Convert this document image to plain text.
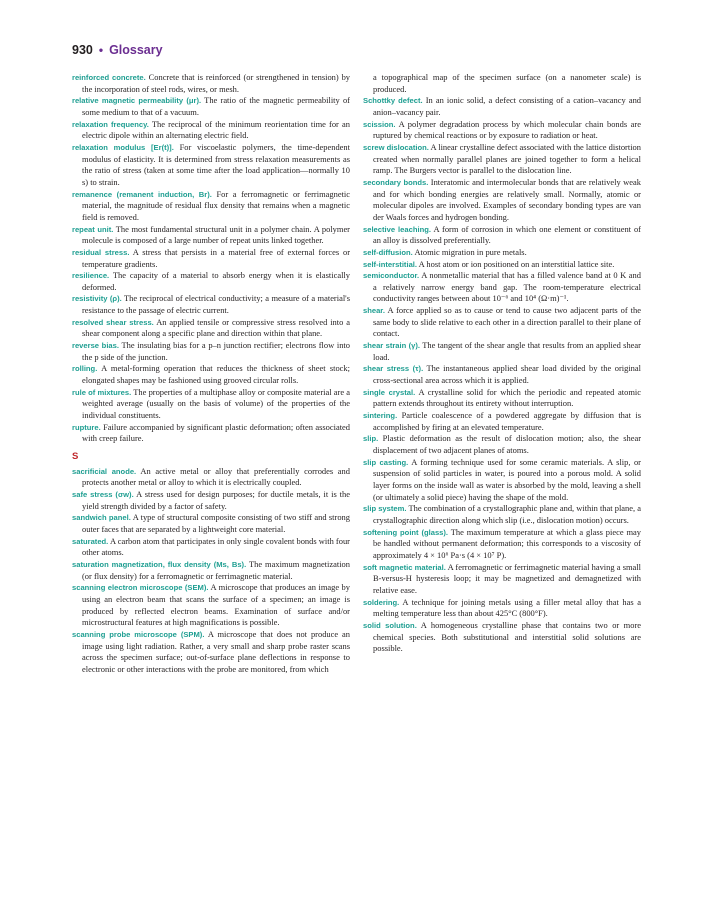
930 • Glossary

reinforced concrete. Concrete that is reinforced (or strengthened in tension) by the incorporation of steel rods, wires, or mesh.

relative magnetic permeability (μr). The ratio of the magnetic permeability of some medium to that of a vacuum.

relaxation frequency. The reciprocal of the minimum reorientation time for an electric dipole within an alternating electric field.

relaxation modulus [Er(t)]. For viscoelastic polymers, the time-dependent modulus of elasticity. It is determined from stress relaxation measurements as the ratio of stress (taken at some time after the load application—normally 10 s) to strain.

remanence (remanent induction, Br). For a ferromagnetic or ferrimagnetic material, the magnitude of residual flux density that remains when a magnetic field is removed.

repeat unit. The most fundamental structural unit in a polymer chain. A polymer molecule is composed of a large number of repeat units linked together.

residual stress. A stress that persists in a material free of external forces or temperature gradients.

resilience. The capacity of a material to absorb energy when it is elastically deformed.

resistivity (ρ). The reciprocal of electrical conductivity; a measure of a material's resistance to the passage of electric current.

resolved shear stress. An applied tensile or compressive stress resolved into a shear component along a specific plane and direction within that plane.

reverse bias. The insulating bias for a p–n junction rectifier; electrons flow into the p side of the junction.

rolling. A metal-forming operation that reduces the thickness of sheet stock; elongated shapes may be fashioned using grooved circular rolls.

rule of mixtures. The properties of a multiphase alloy or composite material are a weighted average (usually on the basis of volume) of the properties of the individual constituents.

rupture. Failure accompanied by significant plastic deformation; often associated with creep failure.

S

sacrificial anode. An active metal or alloy that preferentially corrodes and protects another metal or alloy to which it is electrically coupled.

safe stress (σw). A stress used for design purposes; for ductile metals, it is the yield strength divided by a factor of safety.

sandwich panel. A type of structural composite consisting of two stiff and strong outer faces that are separated by a lightweight core material.

saturated. A carbon atom that participates in only single covalent bonds with four other atoms.

saturation magnetization, flux density (Ms, Bs). The maximum magnetization (or flux density) for a ferromagnetic or ferrimagnetic material.

scanning electron microscope (SEM). A microscope that produces an image by using an electron beam that scans the surface of a specimen; an image is produced by reflected electron beams. Examination of surface and/or microstructural features at high magnifications is possible.

scanning probe microscope (SPM). A microscope that does not produce an image using light radiation. Rather, a very small and sharp probe raster scans across the specimen surface; out-of-surface plane deflections in response to electronic or other interactions with the probe are monitored, from which

a topographical map of the specimen surface (on a nanometer scale) is produced.

Schottky defect. In an ionic solid, a defect consisting of a cation–vacancy and anion–vacancy pair.

scission. A polymer degradation process by which molecular chain bonds are ruptured by chemical reactions or by exposure to radiation or heat.

screw dislocation. A linear crystalline defect associated with the lattice distortion created when normally parallel planes are joined together to form a helical ramp. The Burgers vector is parallel to the dislocation line.

secondary bonds. Interatomic and intermolecular bonds that are relatively weak and for which bonding energies are relatively small. Normally, atomic or molecular dipoles are involved. Examples of secondary bonding types are van der Waals forces and hydrogen bonding.

selective leaching. A form of corrosion in which one element or constituent of an alloy is dissolved preferentially.

self-diffusion. Atomic migration in pure metals.

self-interstitial. A host atom or ion positioned on an interstitial lattice site.

semiconductor. A nonmetallic material that has a filled valence band at 0 K and a relatively narrow energy band gap. The room-temperature electrical conductivity ranges between about 10⁻⁶ and 10⁴ (Ω·m)⁻¹.

shear. A force applied so as to cause or tend to cause two adjacent parts of the same body to slide relative to each other in a direction parallel to their plane of contact.

shear strain (γ). The tangent of the shear angle that results from an applied shear load.

shear stress (τ). The instantaneous applied shear load divided by the original cross-sectional area across which it is applied.

single crystal. A crystalline solid for which the periodic and repeated atomic pattern extends throughout its entirety without interruption.

sintering. Particle coalescence of a powdered aggregate by diffusion that is accomplished by firing at an elevated temperature.

slip. Plastic deformation as the result of dislocation motion; also, the shear displacement of two adjacent planes of atoms.

slip casting. A forming technique used for some ceramic materials. A slip, or suspension of solid particles in water, is poured into a porous mold. A solid layer forms on the inside wall as water is absorbed by the mold, leaving a shell (or ultimately a solid piece) having the shape of the mold.

slip system. The combination of a crystallographic plane and, within that plane, a crystallographic direction along which slip (i.e., dislocation motion) occurs.

softening point (glass). The maximum temperature at which a glass piece may be handled without permanent deformation; this corresponds to a viscosity of approximately 4 × 10⁶ Pa·s (4 × 10⁷ P).

soft magnetic material. A ferromagnetic or ferrimagnetic material having a small B-versus-H hysteresis loop; it may be magnetized and demagnetized with relative ease.

soldering. A technique for joining metals using a filler metal alloy that has a melting temperature less than about 425°C (800°F).

solid solution. A homogeneous crystalline phase that contains two or more chemical species. Both substitutional and interstitial solid solutions are possible.
